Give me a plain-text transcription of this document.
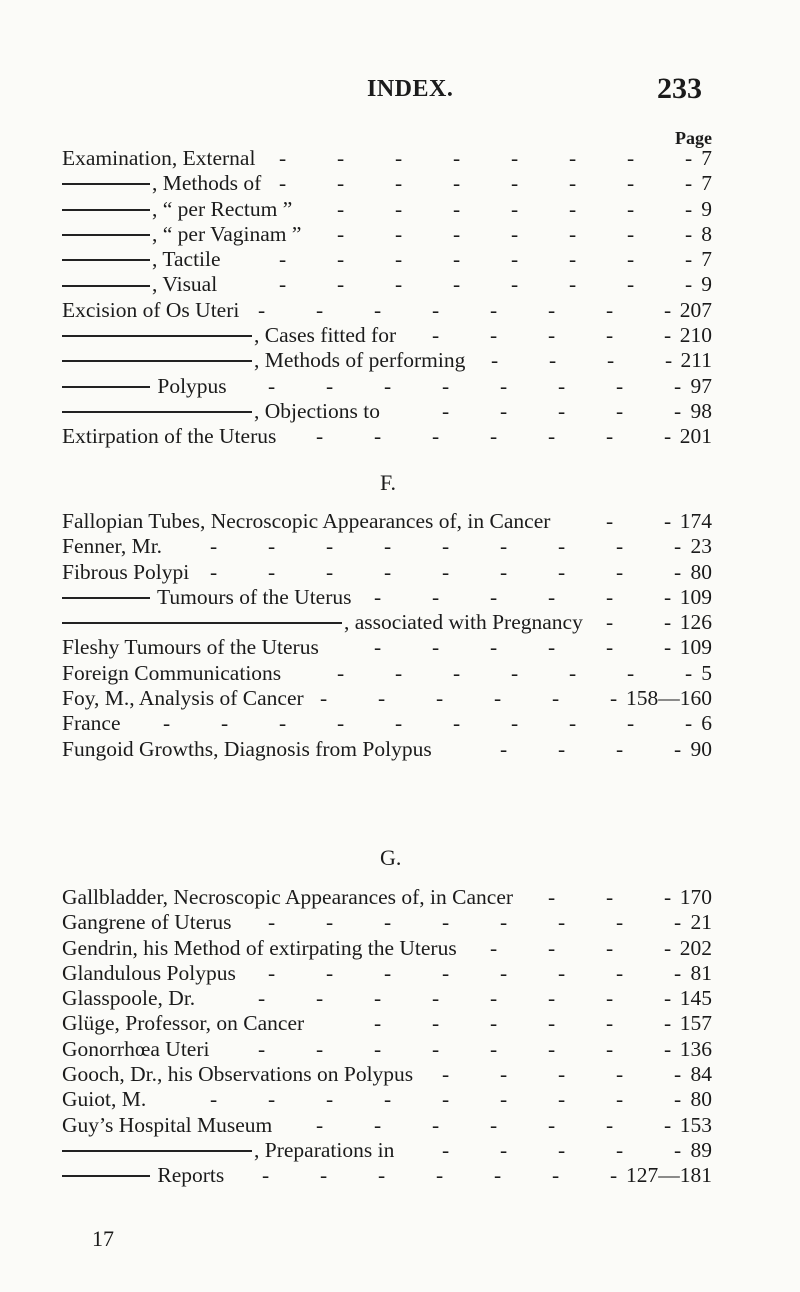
INDEX.	233
Page
Examination, External	7
-
-
-
-
-
-
-
-
, Methods of	7
-
-
-
-
-
-
-
-
, “ per Rectum ”	9
-
-
-
-
-
-
-
, “ per Vaginam ”	8
-
-
-
-
-
-
-
, Tactile	7
-
-
-
-
-
-
-
-
, Visual	9
-
-
-
-
-
-
-
-
Excision of Os Uteri	207
-
-
-
-
-
-
-
-
, Cases fitted for	210
-
-
-
-
-
, Methods of performing	211
-
-
-
-
Polypus	97
-
-
-
-
-
-
-
-
, Objections to	98
-
-
-
-
-
Extirpation of the Uterus	201
-
-
-
-
-
-
-
F.
Fallopian Tubes, Necroscopic Appearances of, in Cancer	174
-
-
Fenner, Mr.	23
-
-
-
-
-
-
-
-
-
Fibrous Polypi	80
-
-
-
-
-
-
-
-
-
Tumours of the Uterus	109
-
-
-
-
-
-
, associated with Pregnancy	126
-
-
Fleshy Tumours of the Uterus	109
-
-
-
-
-
-
Foreign Communications	5
-
-
-
-
-
-
-
Foy, M., Analysis of Cancer	158—160
-
-
-
-
-
-
France	6
-
-
-
-
-
-
-
-
-
-
Fungoid Growths, Diagnosis from Polypus	90
-
-
-
-
G.
Gallbladder, Necroscopic Appearances of, in Cancer	170
-
-
-
Gangrene of Uterus	21
-
-
-
-
-
-
-
-
Gendrin, his Method of extirpating the Uterus	202
-
-
-
-
Glandulous Polypus	81
-
-
-
-
-
-
-
-
Glasspoole, Dr.	145
-
-
-
-
-
-
-
-
Glüge, Professor, on Cancer	157
-
-
-
-
-
-
Gonorrhœa Uteri	136
-
-
-
-
-
-
-
-
Gooch, Dr., his Observations on Polypus	84
-
-
-
-
-
Guiot, M.	80
-
-
-
-
-
-
-
-
-
Guy’s Hospital Museum	153
-
-
-
-
-
-
-
, Preparations in	89
-
-
-
-
-
Reports	127—181
-
-
-
-
-
-
-
17
